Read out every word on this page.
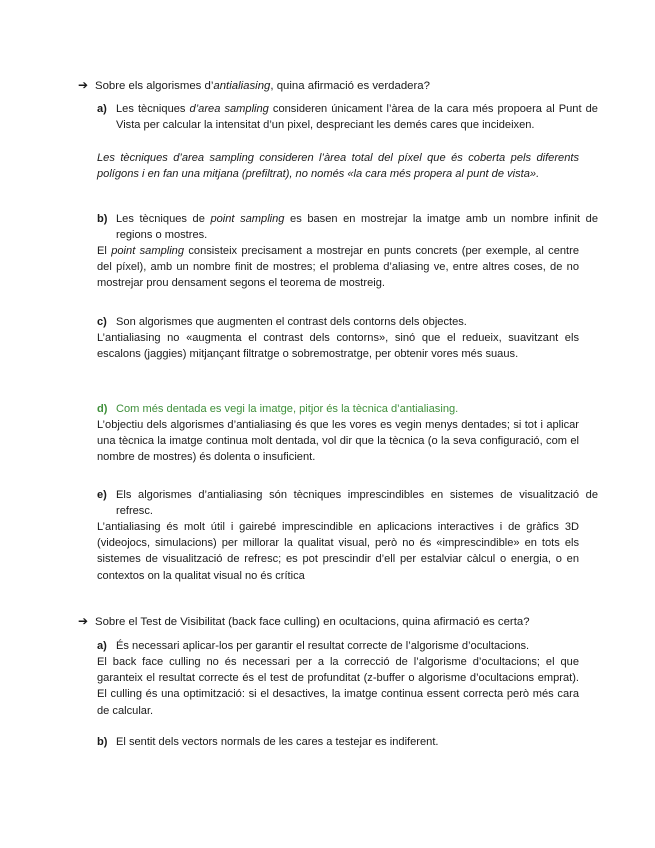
➔ Sobre els algorismes d’antialiasing, quina afirmació es verdadera?
a) Les tècniques d’area sampling consideren únicament l’àrea de la cara més propoera al Punt de Vista per calcular la intensitat d’un pixel, despreciant les demés cares que incideixen.
Les tècniques d’area sampling consideren l’àrea total del píxel que és coberta pels diferents polígons i en fan una mitjana (prefiltrat), no només «la cara més propera al punt de vista».
b) Les tècniques de point sampling es basen en mostrejar la imatge amb un nombre infinit de regions o mostres.
El point sampling consisteix precisament a mostrejar en punts concrets (per exemple, al centre del píxel), amb un nombre finit de mostres; el problema d’aliasing ve, entre altres coses, de no mostrejar prou densament segons el teorema de mostreig.
c) Son algorismes que augmenten el contrast dels contorns dels objectes.
L’antialiasing no «augmenta el contrast dels contorns», sinó que el redueix, suavitzant els escalons (jaggies) mitjançant filtratge o sobremostratge, per obtenir vores més suaus.
d) Com més dentada es vegi la imatge, pitjor és la tècnica d’antialiasing.
L’objectiu dels algorismes d’antialiasing és que les vores es vegin menys dentades; si tot i aplicar una tècnica la imatge continua molt dentada, vol dir que la tècnica (o la seva configuració, com el nombre de mostres) és dolenta o insuficient.
e) Els algorismes d’antialiasing són tècniques imprescindibles en sistemes de visualització de refresc.
L’antialiasing és molt útil i gairebé imprescindible en aplicacions interactives i de gràfics 3D (videojocs, simulacions) per millorar la qualitat visual, però no és «imprescindible» en tots els sistemes de visualització de refresc; es pot prescindir d’ell per estalviar càlcul o energia, o en contextos on la qualitat visual no és crítica
➔ Sobre el Test de Visibilitat (back face culling) en ocultacions, quina afirmació es certa?
a) És necessari aplicar-los per garantir el resultat correcte de l’algorisme d’ocultacions.
El back face culling no és necessari per a la correcció de l’algorisme d’ocultacions; el que garanteix el resultat correcte és el test de profunditat (z-buffer o algorisme d’ocultacions emprat). El culling és una optimització: si el desactives, la imatge continua essent correcta però més cara de calcular.
b) El sentit dels vectors normals de les cares a testejar es indiferent.
